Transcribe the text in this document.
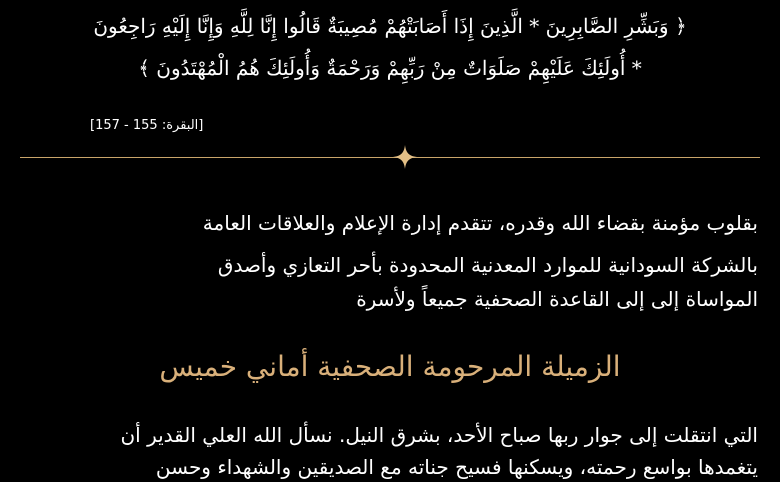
﴿ وَبَشِّرِ الصَّابِرِينَ * الَّذِينَ إِذَا أَصَابَتْهُمْ مُصِيبَةٌ قَالُوا إِنَّا لِلَّهِ وَإِنَّا إِلَيْهِ رَاجِعُونَ
* أُولَئِكَ عَلَيْهِمْ صَلَوَاتٌ مِنْ رَبِّهِمْ وَرَحْمَةٌ وَأُولَئِكَ هُمُ الْمُهْتَدُونَ ﴾
[البقرة: 155 - 157]
بقلوب مؤمنة بقضاء الله وقدره، تتقدم إدارة الإعلام والعلاقات العامة
بالشركة السودانية للموارد المعدنية المحدودة بأحر التعازي وأصدق
المواساة إلى إلى القاعدة الصحفية جميعاً ولأسرة
الزميلة المرحومة الصحفية أماني خميس
التي انتقلت إلى جوار ربها صباح الأحد، بشرق النيل. نسأل الله العلي القدير أن
يتغمدها بواسع رحمته، ويسكنها فسيح جناته مع الصديقين والشهداء وحسن
